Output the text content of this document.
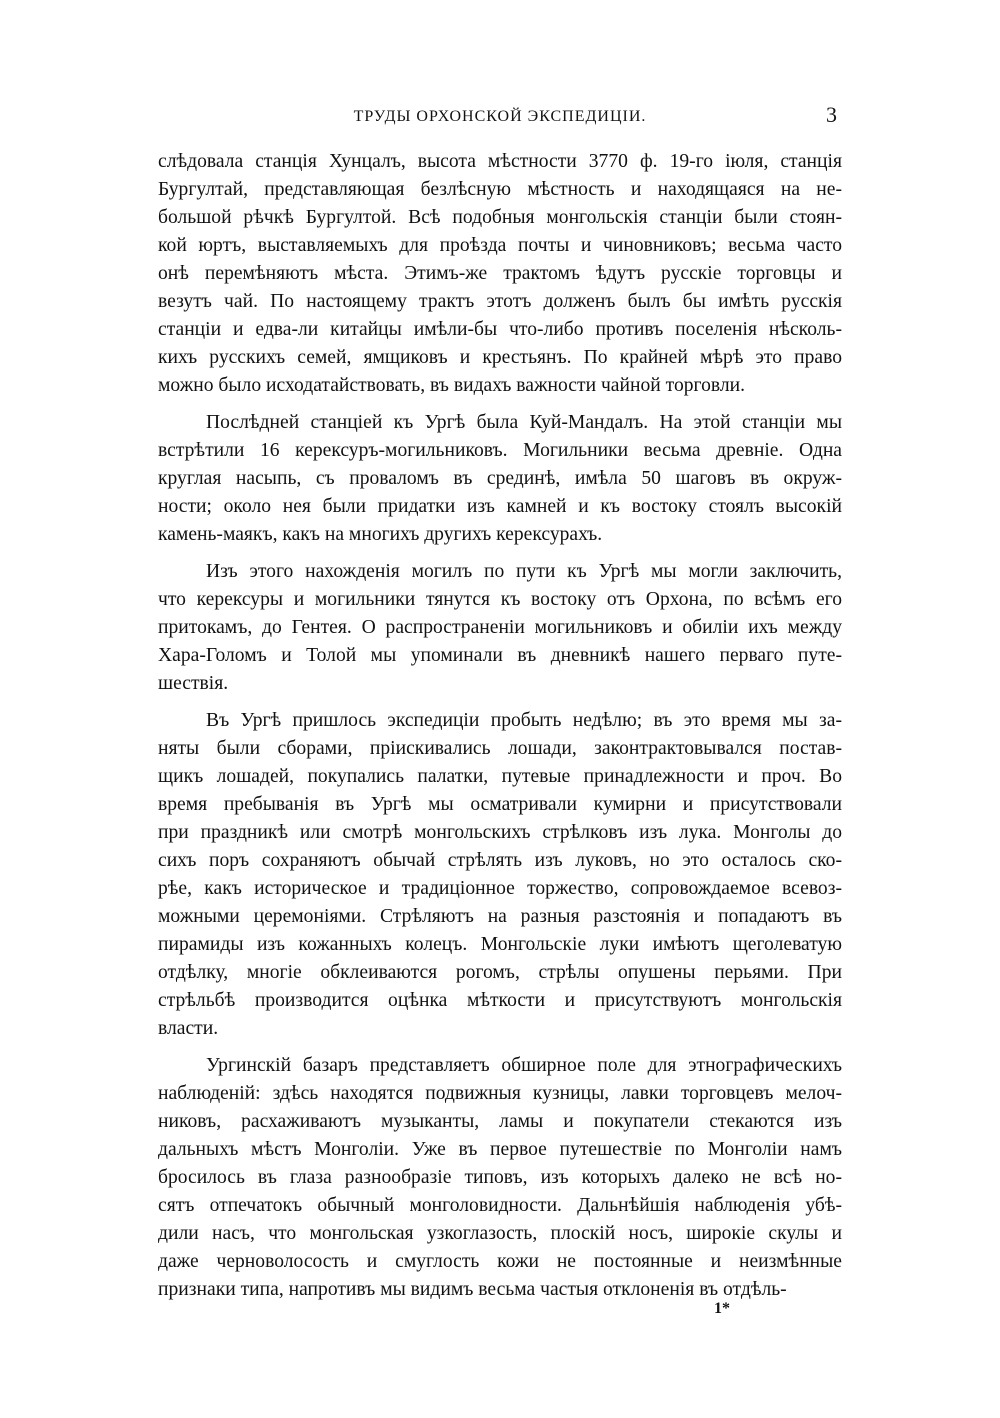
ТРУДЫ ОРХОНСКОЙ ЭКСПЕДИЦІИ.	3

слѣдовала станція Хунцалъ, высота мѣстности 3770 ф. 19-го іюля, станція
Бургултай, представляющая безлѣсную мѣстность и находящаяся на не-
большой рѣчкѣ Бургултой. Всѣ подобныя монгольскія станціи были стоян-
кой юртъ, выставляемыхъ для проѣзда почты и чиновниковъ; весьма часто
онѣ перемѣняютъ мѣста. Этимъ-же трактомъ ѣдутъ русскіе торговцы и
везутъ чай. По настоящему трактъ этотъ долженъ былъ бы имѣть русскія
станціи и едва-ли китайцы имѣли-бы что-либо противъ поселенія нѣсколь-
кихъ русскихъ семей, ямщиковъ и крестьянъ. По крайней мѣрѣ это право
можно было исходатайствовать, въ видахъ важности чайной торговли.

Послѣдней станціей къ Ургѣ была Куй-Мандалъ. На этой станціи мы
встрѣтили 16 керексуръ-могильниковъ. Могильники весьма древніе. Одна
круглая насыпь, съ проваломъ въ срединѣ, имѣла 50 шаговъ въ окруж-
ности; около нея были придатки изъ камней и къ востоку стоялъ высокій
камень-маякъ, какъ на многихъ другихъ керексурахъ.

Изъ этого нахожденія могилъ по пути къ Ургѣ мы могли заключить,
что керексуры и могильники тянутся къ востоку отъ Орхона, по всѣмъ его
притокамъ, до Гентея. О распространеніи могильниковъ и обиліи ихъ между
Хара-Голомъ и Толой мы упоминали въ дневникѣ нашего перваго путе-
шествія.

Въ Ургѣ пришлось экспедиціи пробыть недѣлю; въ это время мы за-
няты были сборами, пріискивались лошади, законтрактовывался постав-
щикъ лошадей, покупались палатки, путевые принадлежности и проч. Во
время пребыванія въ Ургѣ мы осматривали кумирни и присутствовали
при праздникѣ или смотрѣ монгольскихъ стрѣлковъ изъ лука. Монголы до
сихъ поръ сохраняютъ обычай стрѣлять изъ луковъ, но это осталось ско-
рѣе, какъ историческое и традиціонное торжество, сопровождаемое всевоз-
можными церемоніями. Стрѣляютъ на разныя разстоянія и попадаютъ въ
пирамиды изъ кожанныхъ колецъ. Монгольскіе луки имѣютъ щеголеватую
отдѣлку, многіе обклеиваются рогомъ, стрѣлы опушены перьями. При
стрѣльбѣ производится оцѣнка мѣткости и присутствуютъ монгольскія
власти.

Ургинскій базаръ представляетъ обширное поле для этнографическихъ
наблюденій: здѣсь находятся подвижныя кузницы, лавки торговцевъ мелоч-
никовъ, расхаживаютъ музыканты, ламы и покупатели стекаются изъ
дальныхъ мѣстъ Монголіи. Уже въ первое путешествіе по Монголіи намъ
бросилось въ глаза разнообразіе типовъ, изъ которыхъ далеко не всѣ но-
сятъ отпечатокъ обычный монголовидности. Дальнѣйшія наблюденія убѣ-
дили насъ, что монгольская узкоглазость, плоскій носъ, широкіе скулы и
даже черноволосость и смуглость кожи не постоянные и неизмѣнные
признаки типа, напротивъ мы видимъ весьма частыя отклоненія въ отдѣль-

1*
